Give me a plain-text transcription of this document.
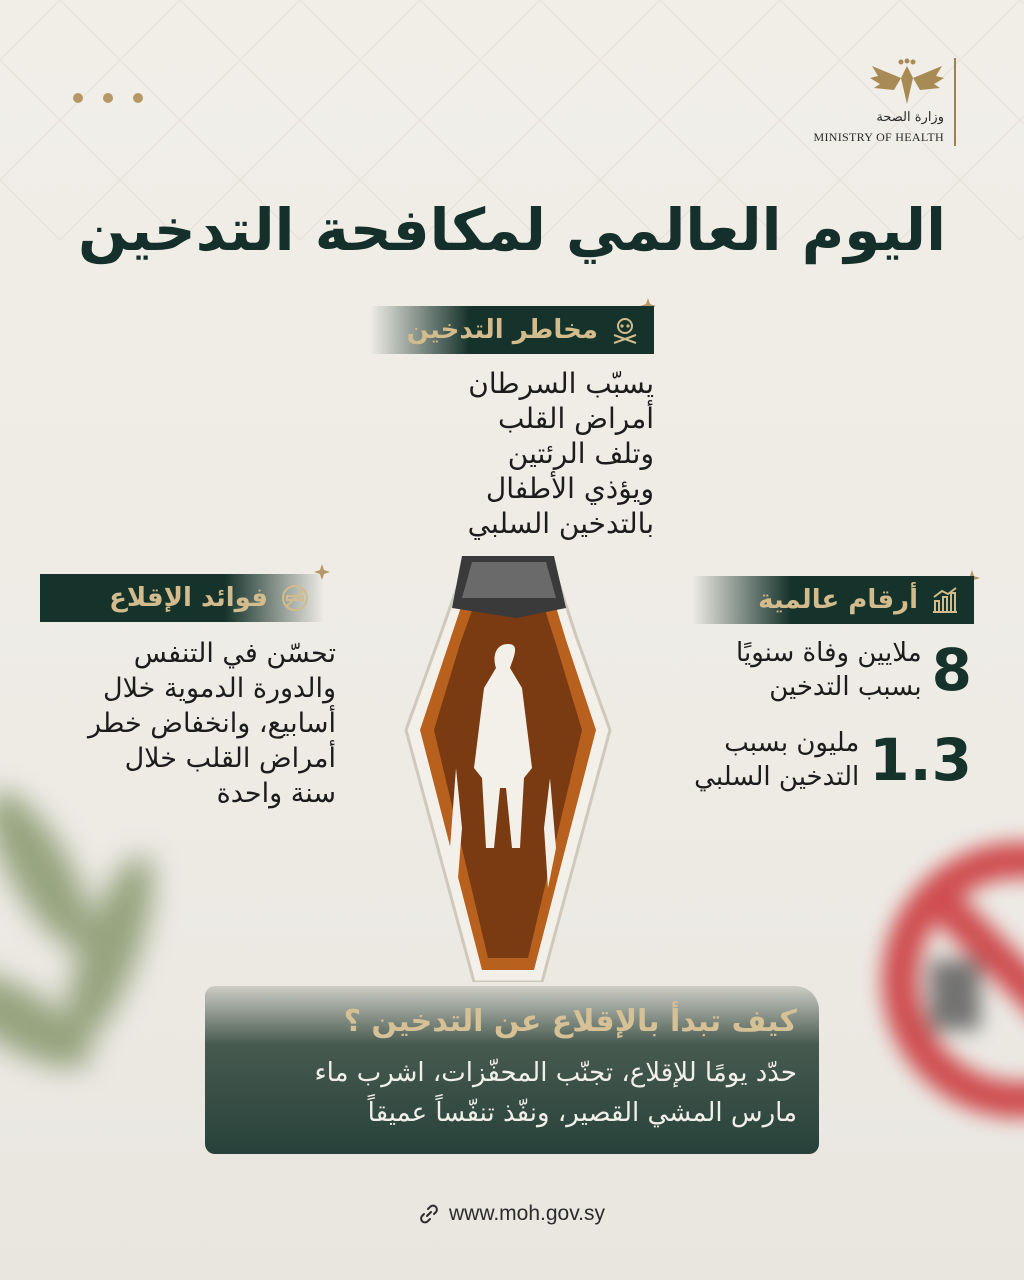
وزارة الصحة
MINISTRY OF HEALTH
اليوم العالمي لمكافحة التدخين
مخاطر التدخين
يسبّب السرطان
أمراض القلب
وتلف الرئتين
ويؤذي الأطفال
بالتدخين السلبي
فوائد الإقلاع
تحسّن في التنفس
والدورة الدموية خلال
أسابيع، وانخفاض خطر
أمراض القلب خلال
سنة واحدة
أرقام عالمية
8
ملايين وفاة سنويًا
بسبب التدخين
1.3
مليون بسبب
التدخين السلبي
كيف تبدأ بالإقلاع عن التدخين ؟
حدّد يومًا للإقلاع، تجنّب المحفّزات، اشرب ماء
مارس المشي القصير، ونفّذ تنفّساً عميقاً
www.moh.gov.sy
